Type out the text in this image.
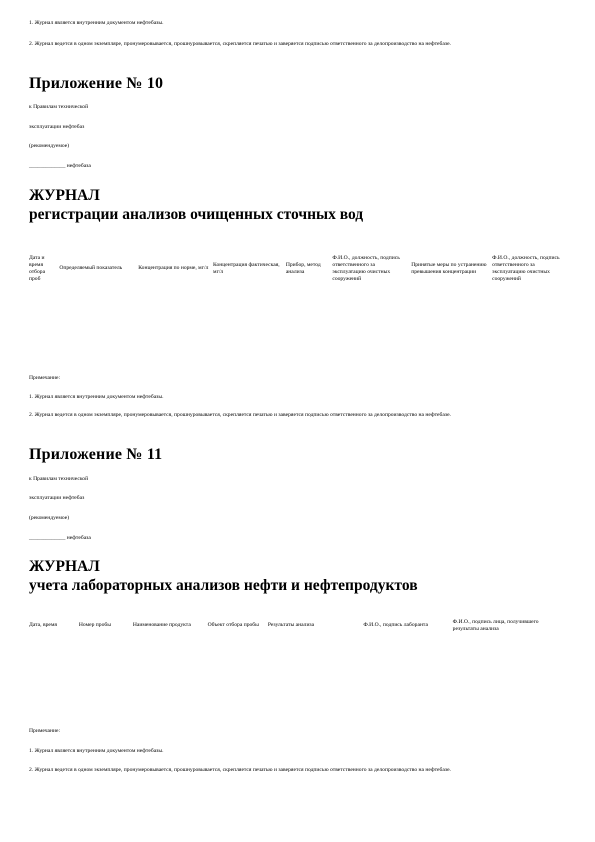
1. Журнал является внутренним документом нефтебазы.

2. Журнал ведется в одном экземпляре, пронумеровывается, прошнуровывается, скрепляется печатью и заверяется подписью ответственного за делопроизводство на нефтебазе.

Приложение № 10

к Правилам технической

эксплуатации нефтебаз

(рекомендуемое)

_____________ нефтебаза

ЖУРНАЛ

регистрации анализов очищенных сточных вод

Дата и время отбора проб	Определяемый показатель	Концентрация по норме, мг/л	Концентрация фактическая, мг/л	Прибор, метод анализа	Ф.И.О., должность, подпись ответственного за эксплуатацию очистных сооружений	Принятые меры по устранению превышения концентрации	Ф.И.О., должность, подпись ответственного за эксплуатацию очистных сооружений

Примечание:

1. Журнал является внутренним документом нефтебазы.

2. Журнал ведется в одном экземпляре, пронумеровывается, прошнуровывается, скрепляется печатью и заверяется подписью ответственного за делопроизводство на нефтебазе.

Приложение № 11

к Правилам технической

эксплуатации нефтебаз

(рекомендуемое)

_____________ нефтебаза

ЖУРНАЛ

учета лабораторных анализов нефти и нефтепродуктов

Дата, время	Номер пробы	Наименование продукта	Объект отбора пробы	Результаты анализа	Ф.И.О., подпись лаборанта	Ф.И.О., подпись лица, получившего результаты анализа

Примечание:

1. Журнал является внутренним документом нефтебазы.

2. Журнал ведется в одном экземпляре, пронумеровывается, прошнуровывается, скрепляется печатью и заверяется подписью ответственного за делопроизводство на нефтебазе.
